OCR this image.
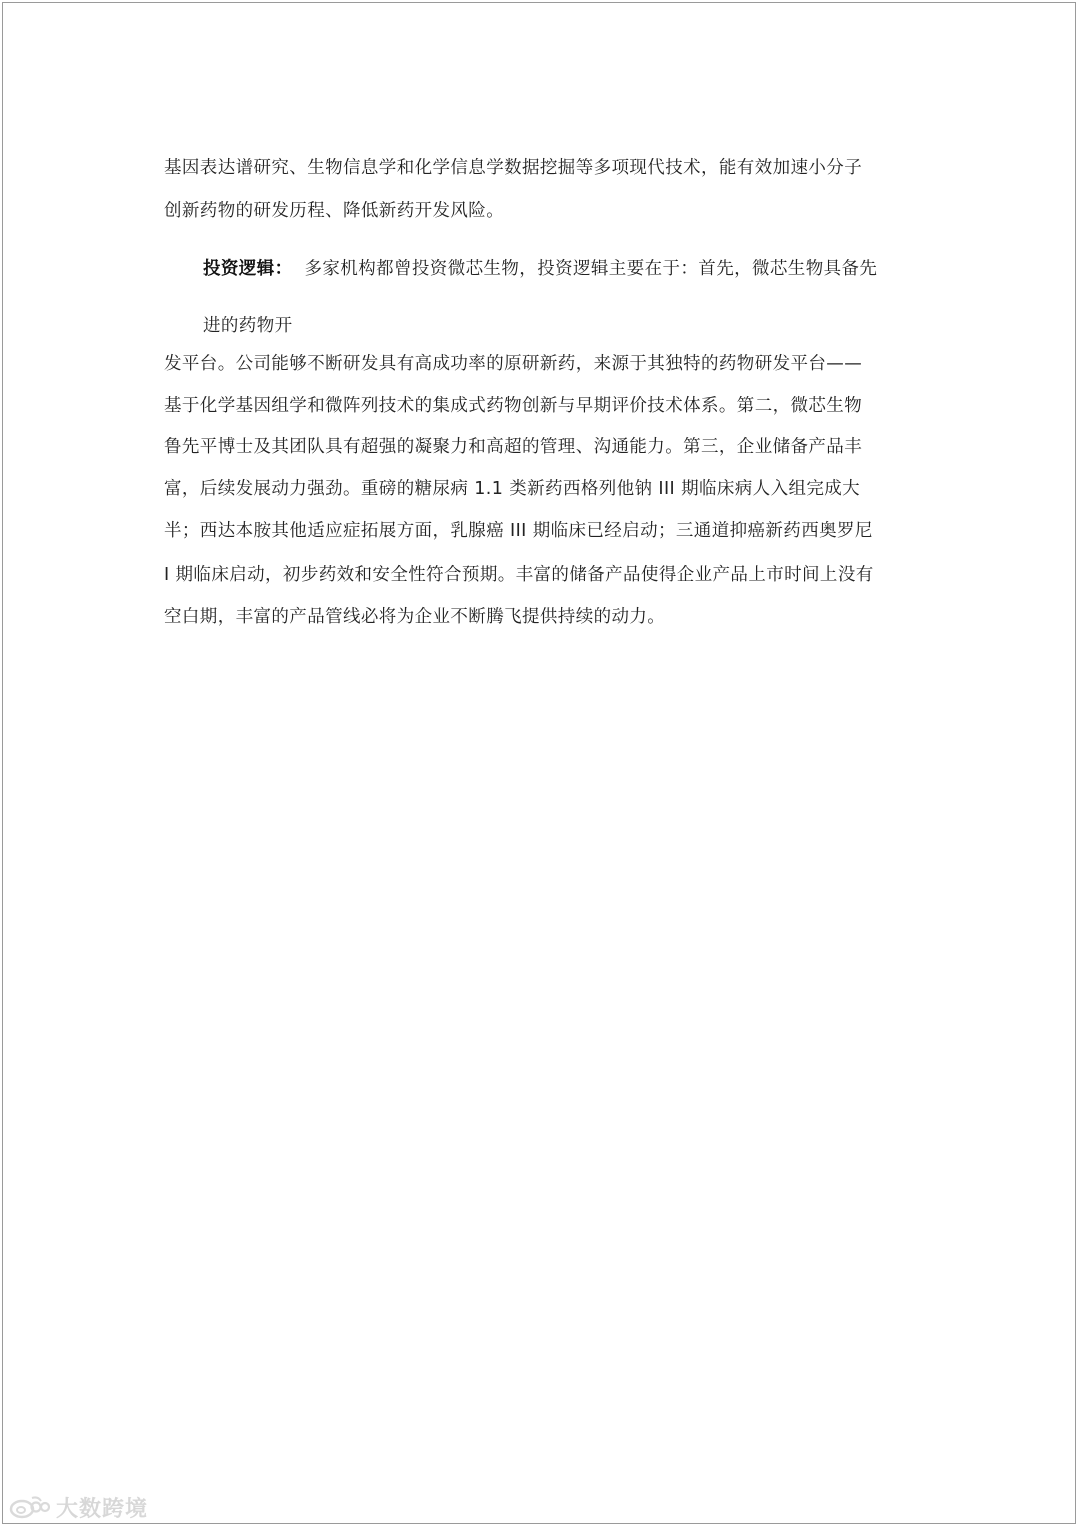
基因表达谱研究、生物信息学和化学信息学数据挖掘等多项现代技术，能有效加速小分子

创新药物的研发历程、降低新药开发风险。

投资逻辑： 多家机构都曾投资微芯生物，投资逻辑主要在于：首先，微芯生物具备先

进的药物开

发平台。公司能够不断研发具有高成功率的原研新药，来源于其独特的药物研发平台——

基于化学基因组学和微阵列技术的集成式药物创新与早期评价技术体系。第二，微芯生物

鲁先平博士及其团队具有超强的凝聚力和高超的管理、沟通能力。第三，企业储备产品丰

富，后续发展动力强劲。重磅的糖尿病 1.1 类新药西格列他钠 III 期临床病人入组完成大

半；西达本胺其他适应症拓展方面，乳腺癌 III 期临床已经启动；三通道抑癌新药西奥罗尼

I 期临床启动，初步药效和安全性符合预期。丰富的储备产品使得企业产品上市时间上没有

空白期，丰富的产品管线必将为企业不断腾飞提供持续的动力。

大数跨境
